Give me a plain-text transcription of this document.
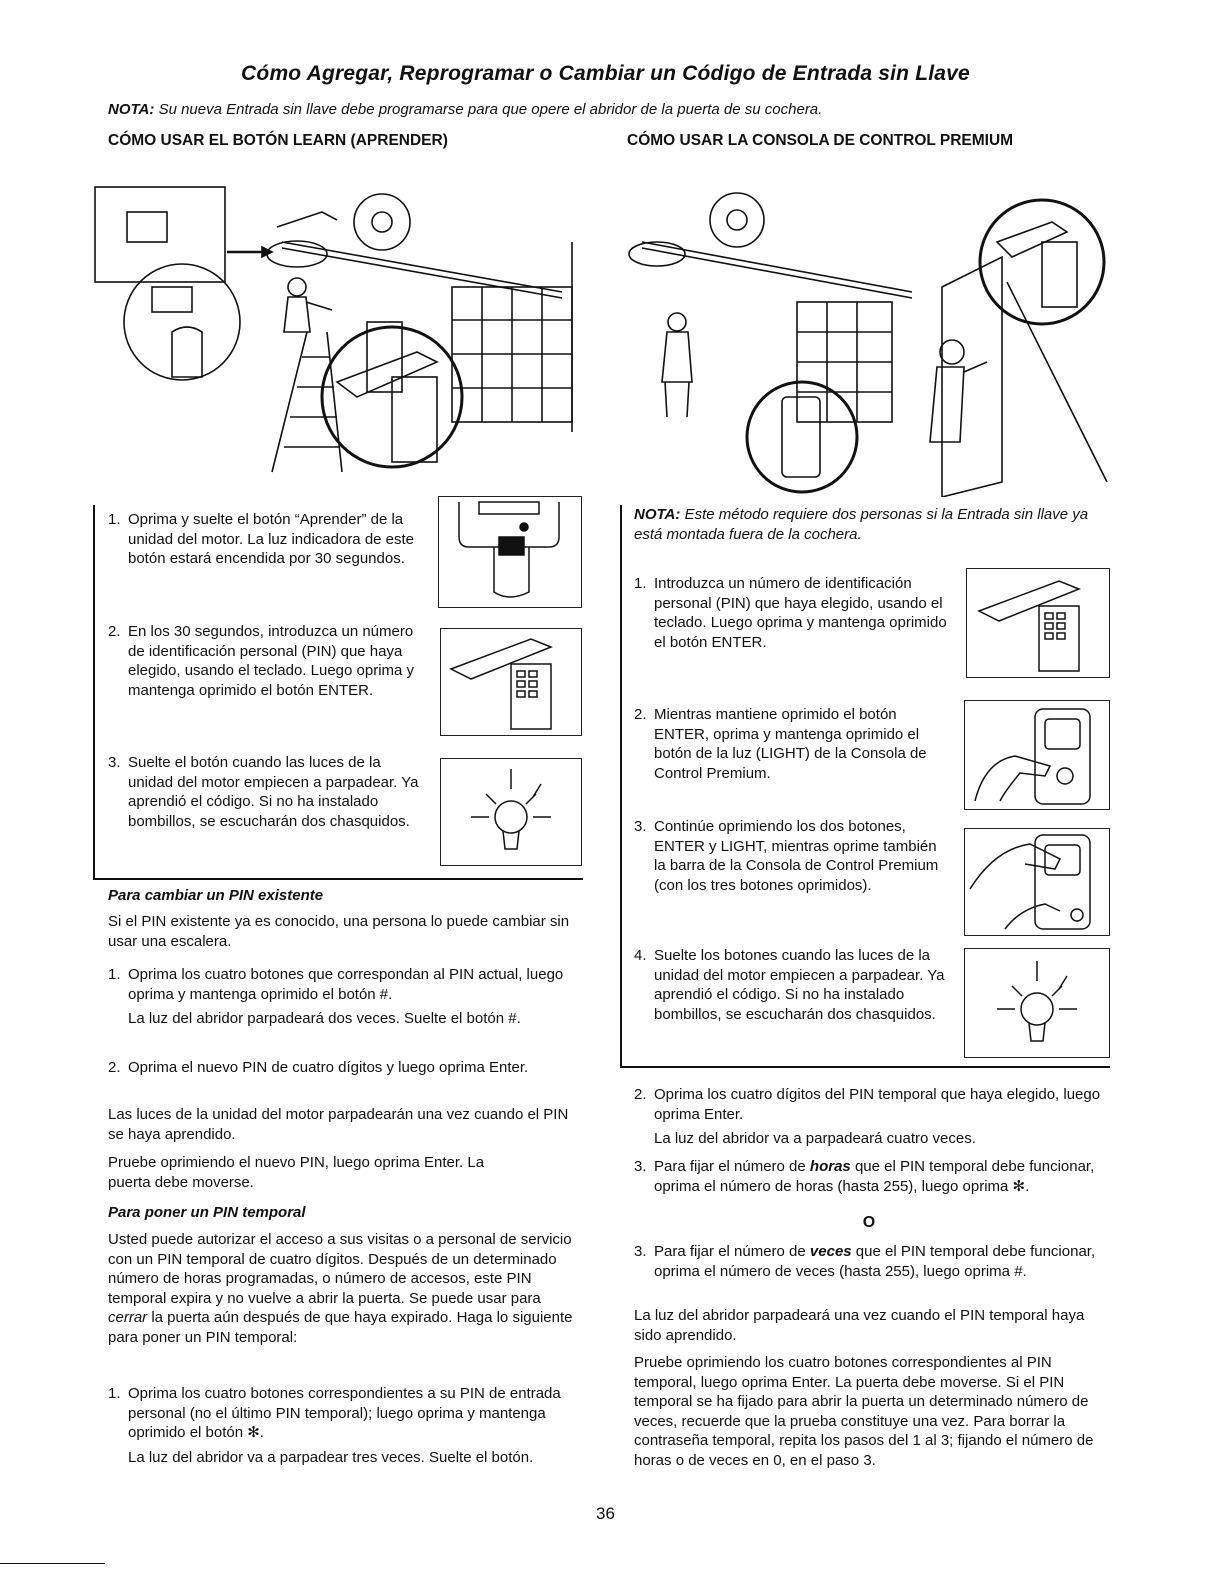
Cómo Agregar, Reprogramar o Cambiar un Código de Entrada sin Llave
NOTA: Su nueva Entrada sin llave debe programarse para que opere el abridor de la puerta de su cochera.
CÓMO USAR EL BOTÓN LEARN (APRENDER)	CÓMO USAR LA CONSOLA DE CONTROL PREMIUM
1. Oprima y suelte el botón “Aprender” de la unidad del motor. La luz indicadora de este botón estará encendida por 30 segundos.
2. En los 30 segundos, introduzca un número de identificación personal (PIN) que haya elegido, usando el teclado. Luego oprima y mantenga oprimido el botón ENTER.
3. Suelte el botón cuando las luces de la unidad del motor empiecen a parpadear. Ya aprendió el código. Si no ha instalado bombillos, se escucharán dos chasquidos.
Para cambiar un PIN existente
Si el PIN existente ya es conocido, una persona lo puede cambiar sin usar una escalera.
1. Oprima los cuatro botones que correspondan al PIN actual, luego oprima y mantenga oprimido el botón #.
La luz del abridor parpadeará dos veces. Suelte el botón #.
2. Oprima el nuevo PIN de cuatro dígitos y luego oprima Enter.
Las luces de la unidad del motor parpadearán una vez cuando el PIN se haya aprendido.
Pruebe oprimiendo el nuevo PIN, luego oprima Enter. La puerta debe moverse.
Para poner un PIN temporal
Usted puede autorizar el acceso a sus visitas o a personal de servicio con un PIN temporal de cuatro dígitos. Después de un determinado número de horas programadas, o número de accesos, este PIN temporal expira y no vuelve a abrir la puerta. Se puede usar para cerrar la puerta aún después de que haya expirado. Haga lo siguiente para poner un PIN temporal:
1. Oprima los cuatro botones correspondientes a su PIN de entrada personal (no el último PIN temporal); luego oprima y mantenga oprimido el botón ✻.
La luz del abridor va a parpadear tres veces. Suelte el botón.
NOTA: Este método requiere dos personas si la Entrada sin llave ya está montada fuera de la cochera.
1. Introduzca un número de identificación personal (PIN) que haya elegido, usando el teclado. Luego oprima y mantenga oprimido el botón ENTER.
2. Mientras mantiene oprimido el botón ENTER, oprima y mantenga oprimido el botón de la luz (LIGHT) de la Consola de Control Premium.
3. Continúe oprimiendo los dos botones, ENTER y LIGHT, mientras oprime también la barra de la Consola de Control Premium (con los tres botones oprimidos).
4. Suelte los botones cuando las luces de la unidad del motor empiecen a parpadear. Ya aprendió el código. Si no ha instalado bombillos, se escucharán dos chasquidos.
2. Oprima los cuatro dígitos del PIN temporal que haya elegido, luego oprima Enter.
La luz del abridor va a parpadeará cuatro veces.
3. Para fijar el número de horas que el PIN temporal debe funcionar, oprima el número de horas (hasta 255), luego oprima ✻.
O
3. Para fijar el número de veces que el PIN temporal debe funcionar, oprima el número de veces (hasta 255), luego oprima #.
La luz del abridor parpadeará una vez cuando el PIN temporal haya sido aprendido.
Pruebe oprimiendo los cuatro botones correspondientes al PIN temporal, luego oprima Enter. La puerta debe moverse. Si el PIN temporal se ha fijado para abrir la puerta un determinado número de veces, recuerde que la prueba constituye una vez. Para borrar la contraseña temporal, repita los pasos del 1 al 3; fijando el número de horas o de veces en 0, en el paso 3.
36
